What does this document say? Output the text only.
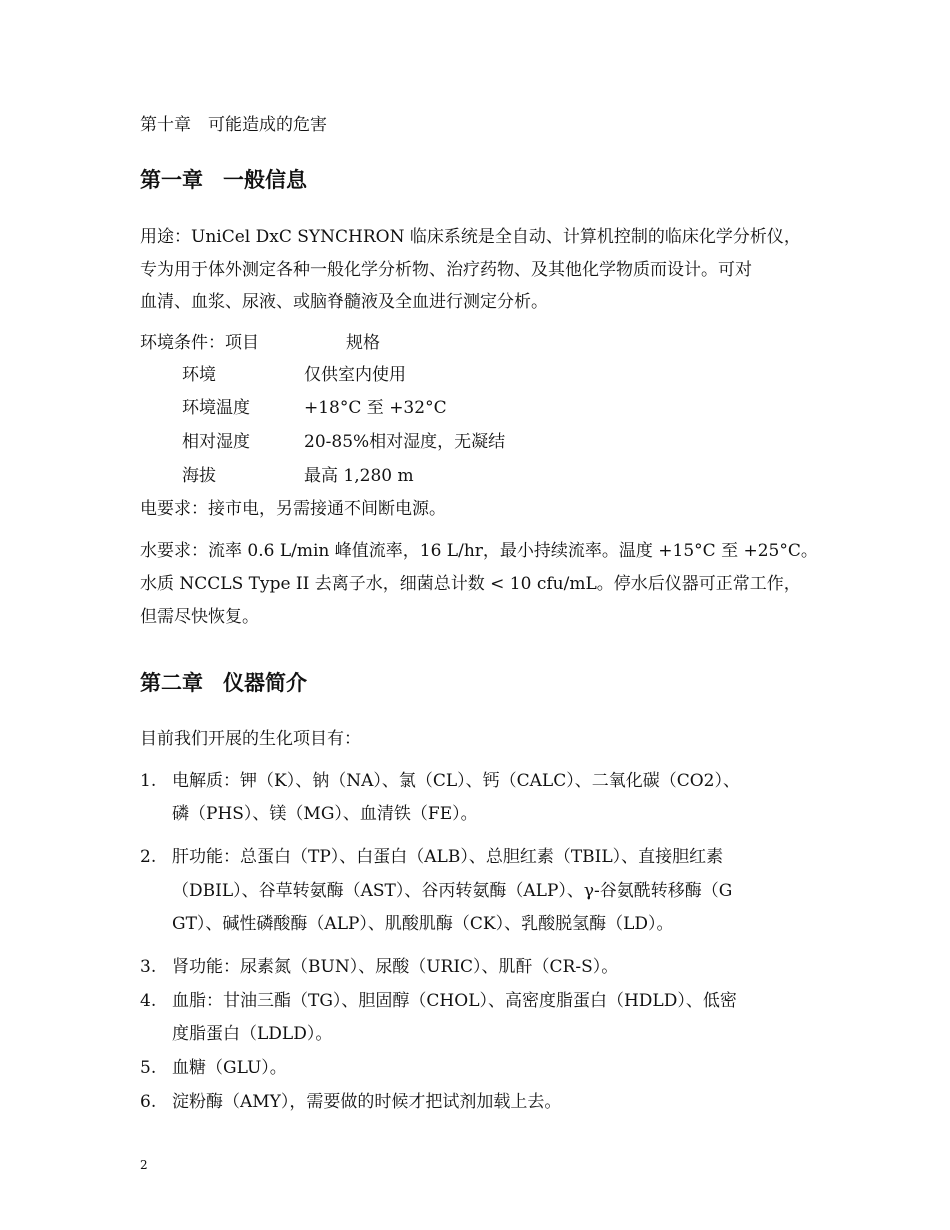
第十章　可能造成的危害
第一章 一般信息
用途：UniCel DxC SYNCHRON 临床系统是全自动、计算机控制的临床化学分析仪，
专为用于体外测定各种一般化学分析物、治疗药物、及其他化学物质而设计。可对
血清、血浆、尿液、或脑脊髓液及全血进行测定分析。
环境条件：项目	规格
环境	仅供室内使用
环境温度	+18°C 至 +32°C
相对湿度	20-85%相对湿度，无凝结
海拔	最高 1,280 m
电要求：接市电，另需接通不间断电源。
水要求：流率 0.6 L/min 峰值流率，16 L/hr，最小持续流率。温度 +15°C 至 +25°C。
水质 NCCLS Type II 去离子水，细菌总计数 < 10 cfu/mL。停水后仪器可正常工作，
但需尽快恢复。
第二章 仪器简介
目前我们开展的生化项目有：
1. 电解质：钾（K）、钠（NA）、氯（CL）、钙（CALC）、二氧化碳（CO2）、
磷（PHS）、镁（MG）、血清铁（FE）。
2. 肝功能：总蛋白（TP）、白蛋白（ALB）、总胆红素（TBIL）、直接胆红素
（DBIL）、谷草转氨酶（AST）、谷丙转氨酶（ALP）、γ-谷氨酰转移酶（G
GT）、碱性磷酸酶（ALP）、肌酸肌酶（CK）、乳酸脱氢酶（LD）。
3. 肾功能：尿素氮（BUN）、尿酸（URIC）、肌酐（CR-S）。
4. 血脂：甘油三酯（TG）、胆固醇（CHOL）、高密度脂蛋白（HDLD）、低密
度脂蛋白（LDLD）。
5. 血糖（GLU）。
6. 淀粉酶（AMY），需要做的时候才把试剂加载上去。
2
